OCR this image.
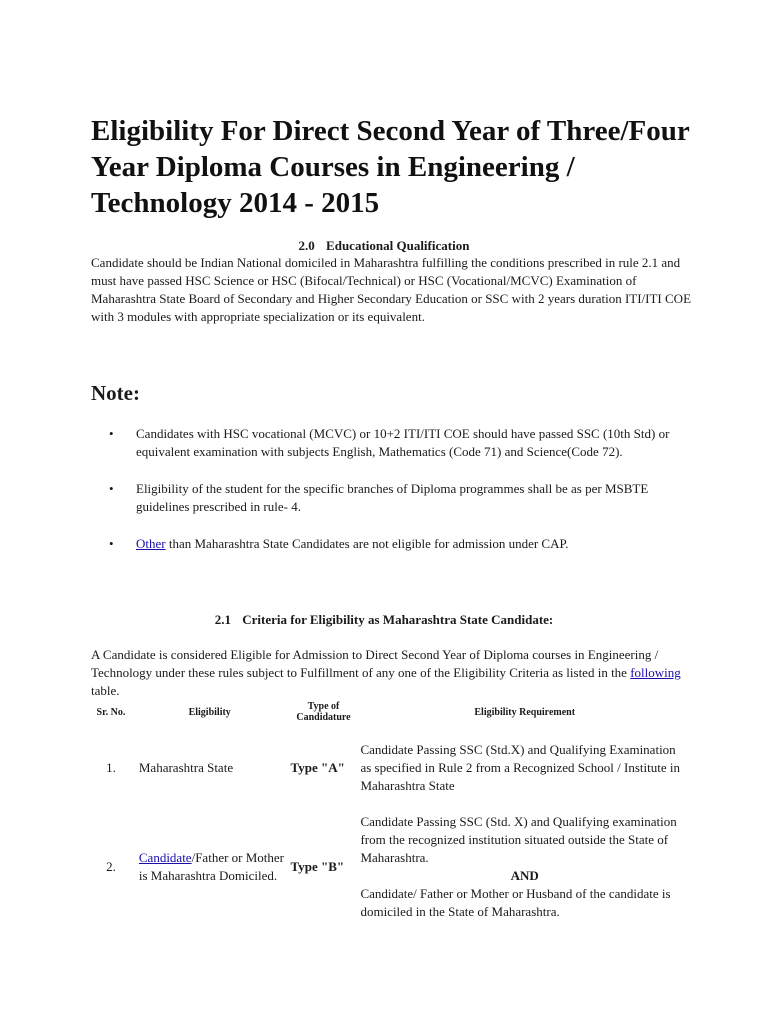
Eligibility For Direct Second Year of Three/Four Year Diploma Courses in Engineering / Technology 2014 - 2015
2.0 Educational Qualification

Candidate should be Indian National domiciled in Maharashtra fulfilling the conditions prescribed in rule 2.1 and must have passed HSC Science or HSC (Bifocal/Technical) or HSC (Vocational/MCVC) Examination of Maharashtra State Board of Secondary and Higher Secondary Education or SSC with 2 years duration ITI/ITI COE with 3 modules with appropriate specialization or its equivalent.

Note:
• Candidates with HSC vocational (MCVC) or 10+2 ITI/ITI COE should have passed SSC (10th Std) or equivalent examination with subjects English, Mathematics (Code 71) and Science(Code 72).
• Eligibility of the student for the specific branches of Diploma programmes shall be as per MSBTE guidelines prescribed in rule- 4.
• Other than Maharashtra State Candidates are not eligible for admission under CAP.
2.1 Criteria for Eligibility as Maharashtra State Candidate:

A Candidate is considered Eligible for Admission to Direct Second Year of Diploma courses in Engineering / Technology under these rules subject to Fulfillment of any one of the Eligibility Criteria as listed in the following table.

Sr. No.	Eligibility	Type of Candidature	Eligibility Requirement
1.	Maharashtra State	Type "A"	Candidate Passing SSC (Std.X) and Qualifying Examination as specified in Rule 2 from a Recognized School / Institute in Maharashtra State
2.	Candidate/Father or Mother is Maharashtra Domiciled.	Type "B"	Candidate Passing SSC (Std. X) and Qualifying examination from the recognized institution situated outside the State of Maharashtra.
AND
Candidate/ Father or Mother or Husband of the candidate is domiciled in the State of Maharashtra.
